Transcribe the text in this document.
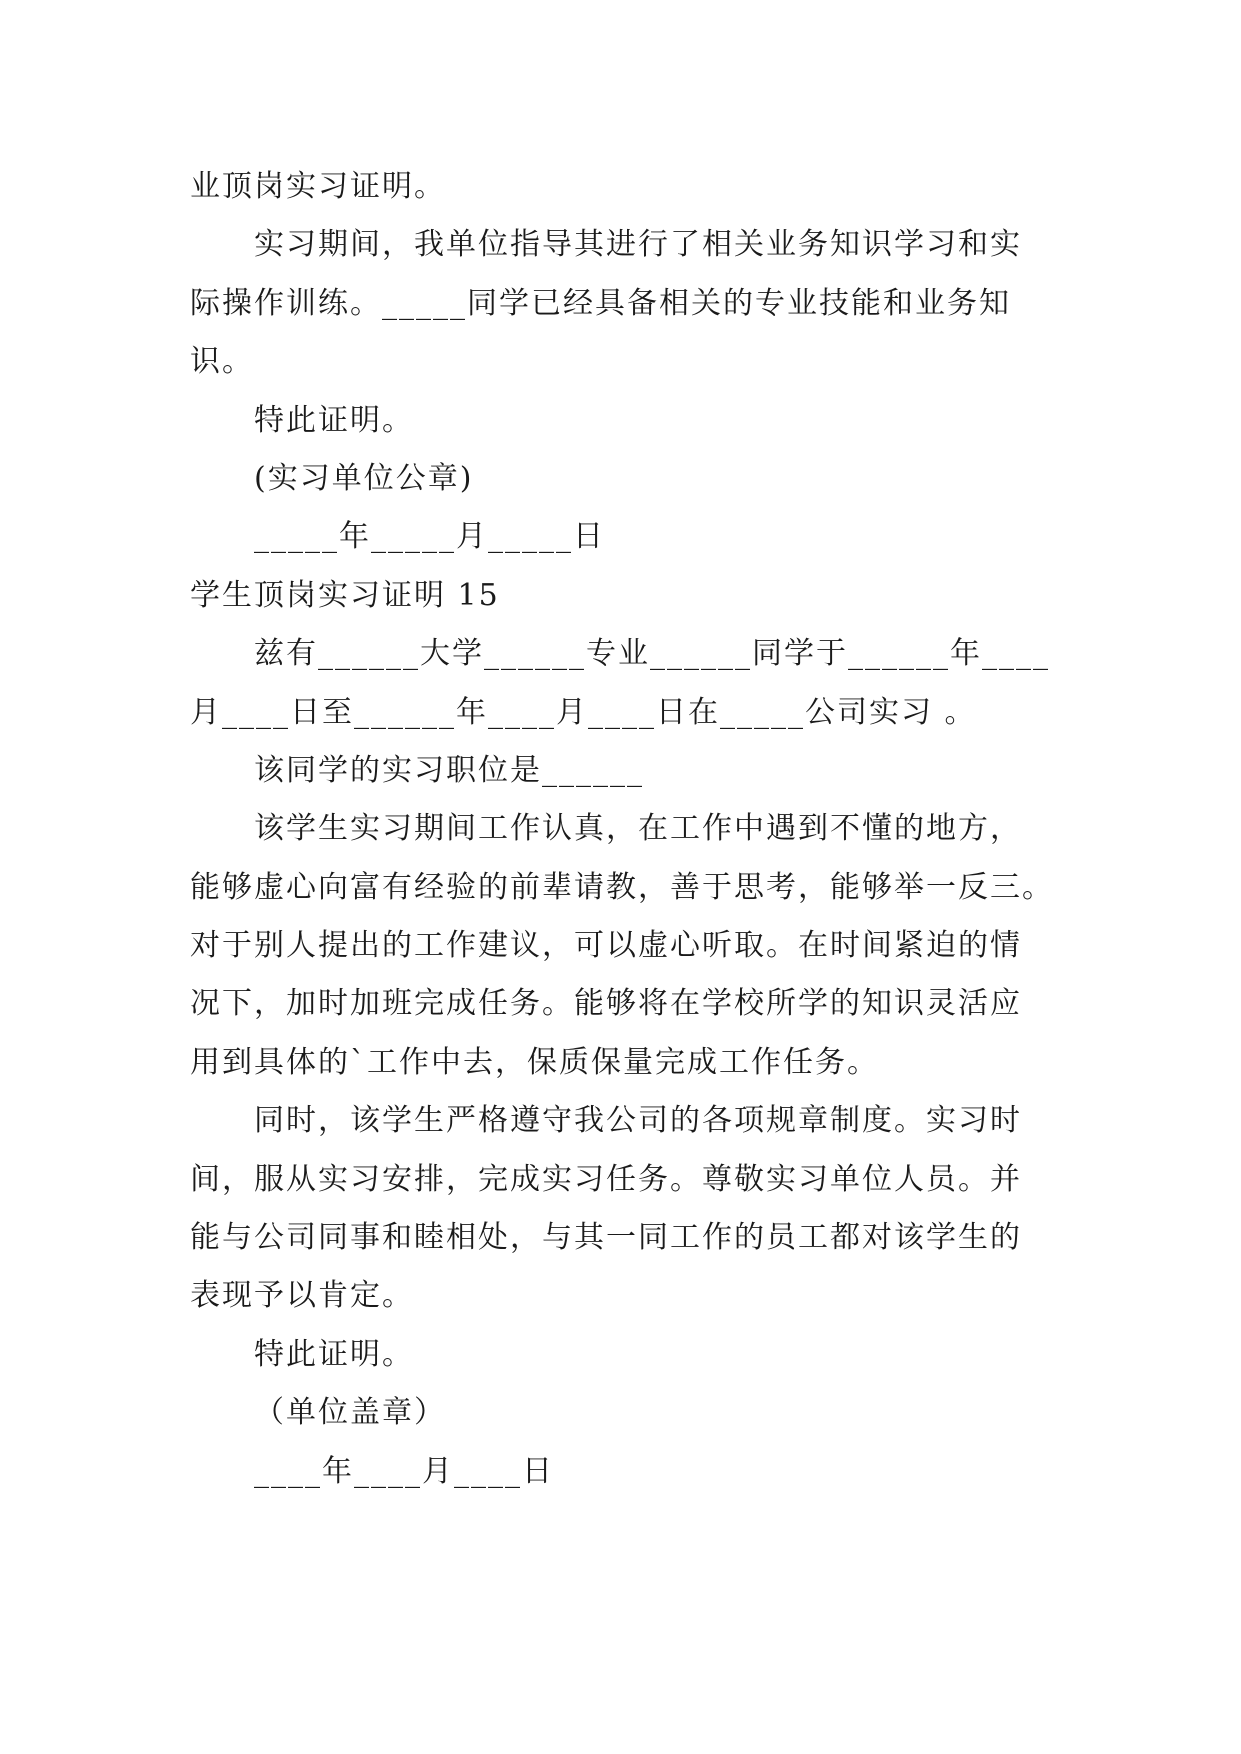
业顶岗实习证明。
实习期间，我单位指导其进行了相关业务知识学习和实
际操作训练。_____同学已经具备相关的专业技能和业务知
识。
特此证明。
(实习单位公章)
_____年_____月_____日
学生顶岗实习证明 15
兹有______大学______专业______同学于______年____
月____日至______年____月____日在_____公司实习 。
该同学的实习职位是______
该学生实习期间工作认真，在工作中遇到不懂的地方，
能够虚心向富有经验的前辈请教，善于思考，能够举一反三。
对于别人提出的工作建议，可以虚心听取。在时间紧迫的情
况下，加时加班完成任务。能够将在学校所学的知识灵活应
用到具体的`工作中去，保质保量完成工作任务。
同时，该学生严格遵守我公司的各项规章制度。实习时
间，服从实习安排，完成实习任务。尊敬实习单位人员。并
能与公司同事和睦相处，与其一同工作的员工都对该学生的
表现予以肯定。
特此证明。
（单位盖章）
____年____月____日
